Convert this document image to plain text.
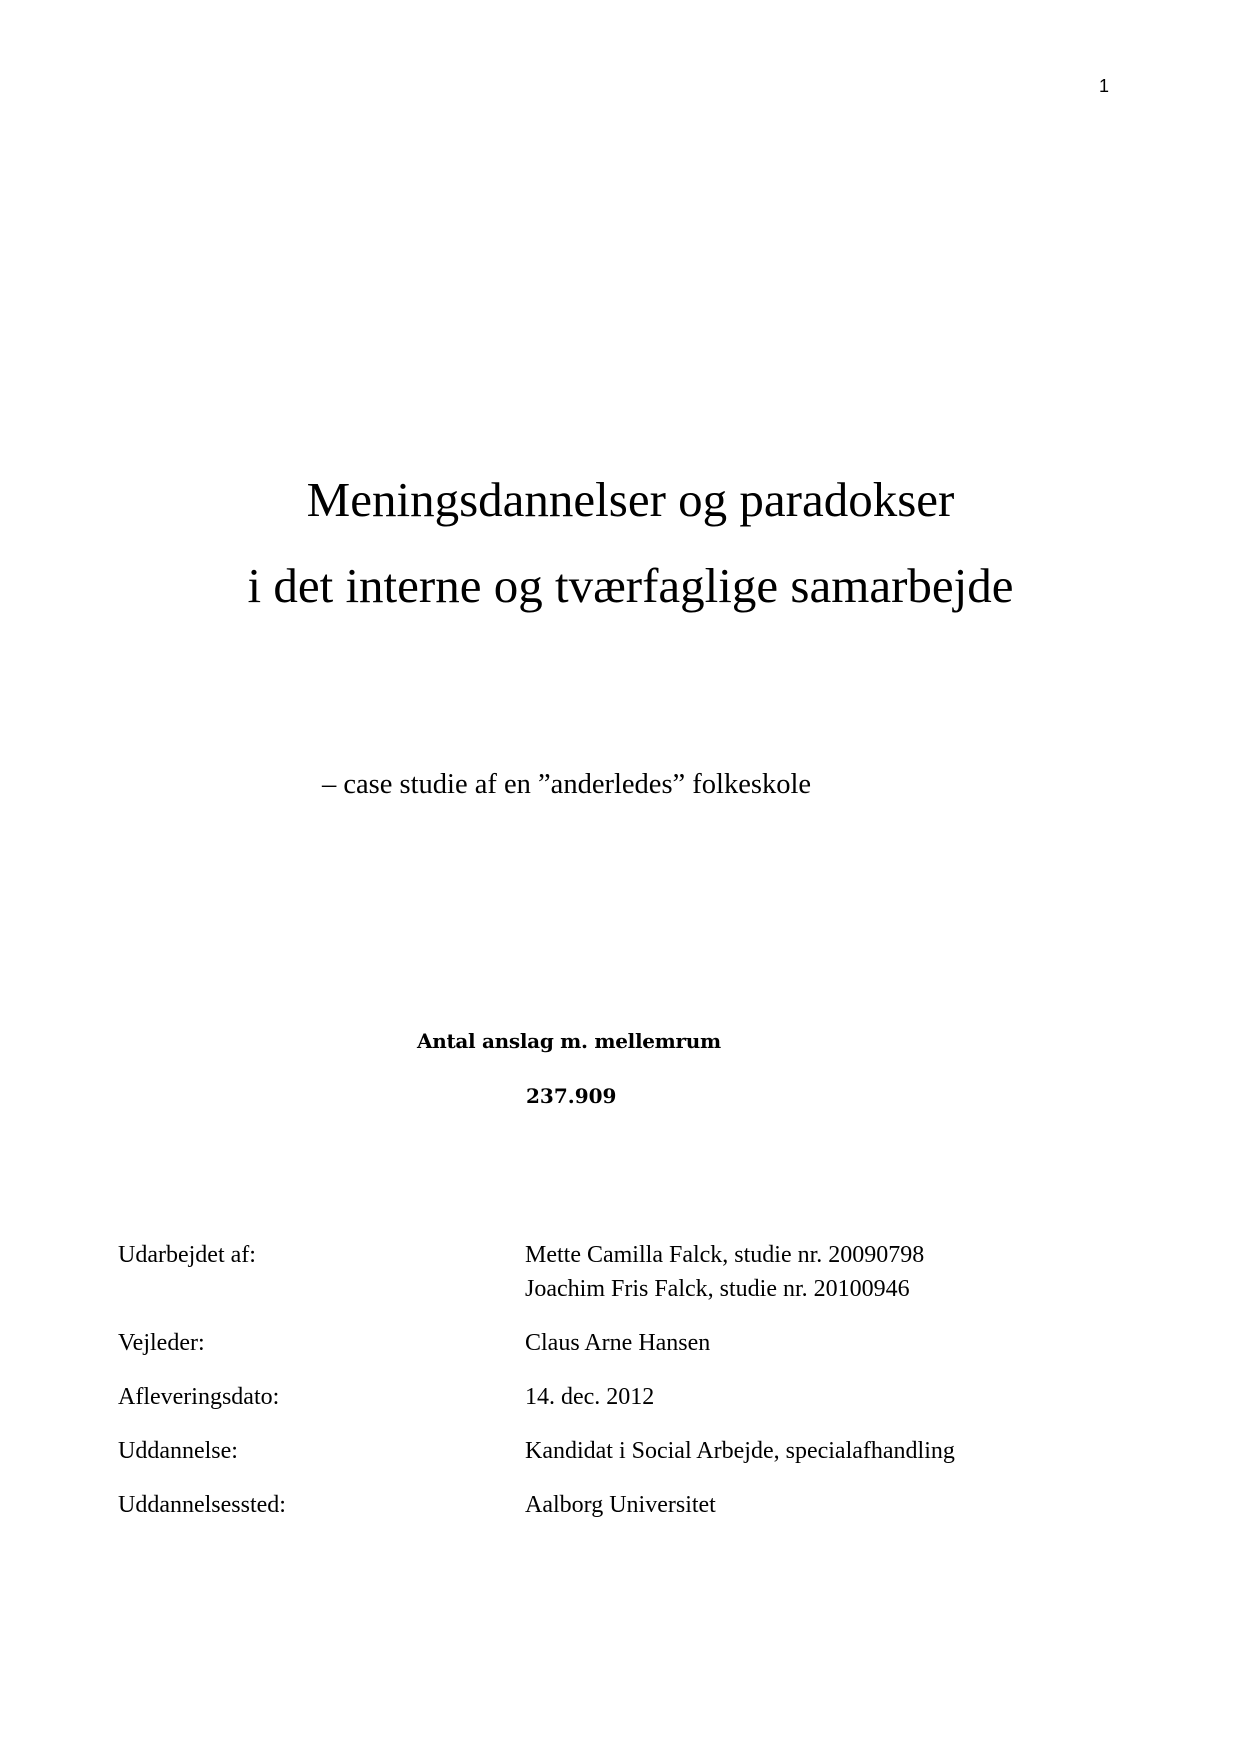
1
Meningsdannelser og paradokser
i det interne og tværfaglige samarbejde
– case studie af en ”anderledes” folkeskole
Antal anslag m. mellemrum
237.909
Udarbejdet af:	Mette Camilla Falck, studie nr. 20090798
Joachim Fris Falck, studie nr. 20100946
Vejleder:	Claus Arne Hansen
Afleveringsdato:	14. dec. 2012
Uddannelse:	Kandidat i Social Arbejde, specialafhandling
Uddannelsessted:	Aalborg Universitet
